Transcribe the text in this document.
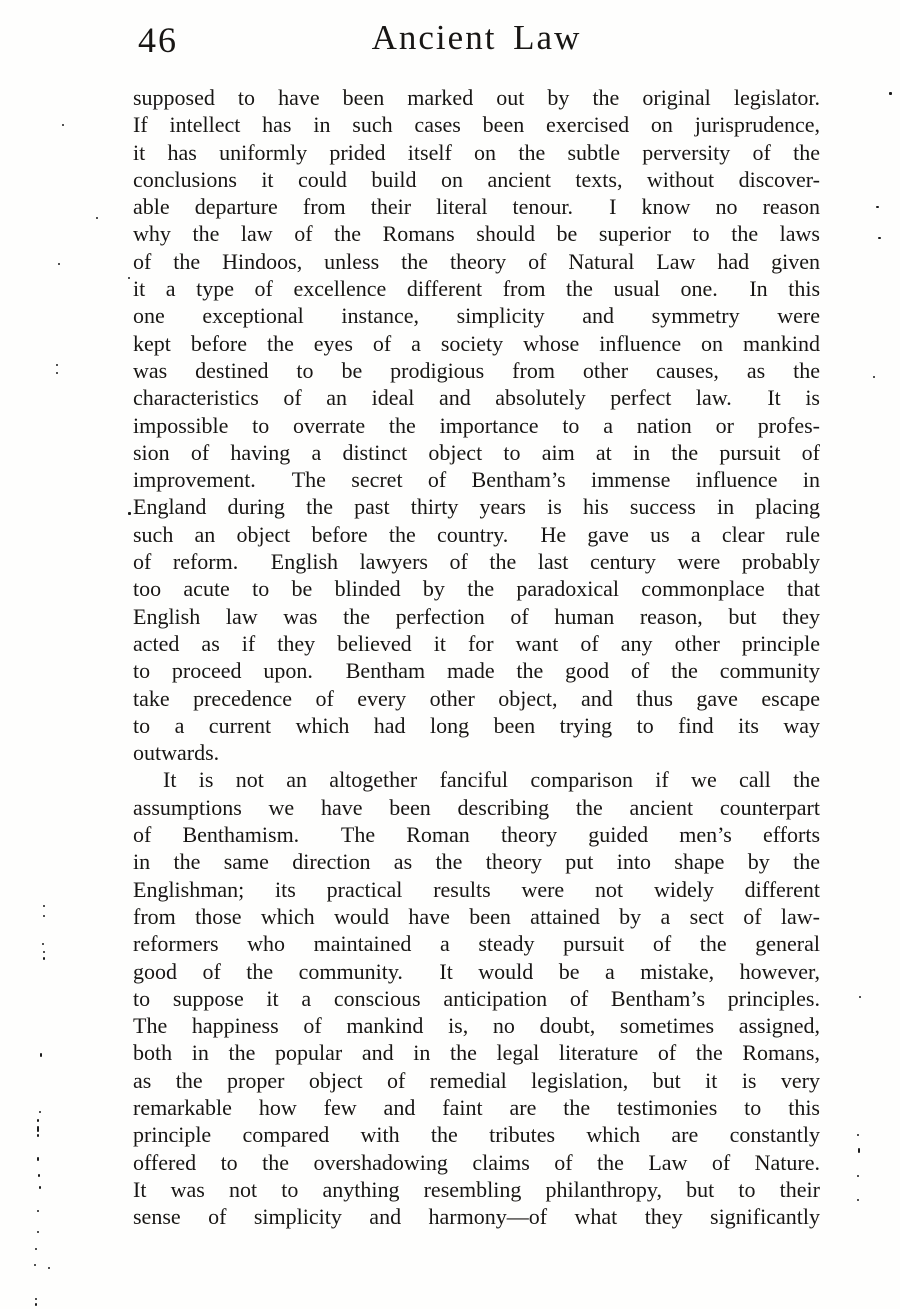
46	Ancient Law
supposed to have been marked out by the original legislator.
If intellect has in such cases been exercised on jurisprudence,
it has uniformly prided itself on the subtle perversity of the
conclusions it could build on ancient texts, without discover-
able departure from their literal tenour.  I know no reason
why the law of the Romans should be superior to the laws
of the Hindoos, unless the theory of Natural Law had given
it a type of excellence different from the usual one.  In this
one exceptional instance, simplicity and symmetry were
kept before the eyes of a society whose influence on mankind
was destined to be prodigious from other causes, as the
characteristics of an ideal and absolutely perfect law.  It is
impossible to overrate the importance to a nation or profes-
sion of having a distinct object to aim at in the pursuit of
improvement.  The secret of Bentham’s immense influence in
England during the past thirty years is his success in placing
such an object before the country.  He gave us a clear rule
of reform.  English lawyers of the last century were probably
too acute to be blinded by the paradoxical commonplace that
English law was the perfection of human reason, but they
acted as if they believed it for want of any other principle
to proceed upon.  Bentham made the good of the community
take precedence of every other object, and thus gave escape
to a current which had long been trying to find its way
outwards.
It is not an altogether fanciful comparison if we call the
assumptions we have been describing the ancient counterpart
of Benthamism.  The Roman theory guided men’s efforts
in the same direction as the theory put into shape by the
Englishman; its practical results were not widely different
from those which would have been attained by a sect of law-
reformers who maintained a steady pursuit of the general
good of the community.  It would be a mistake, however,
to suppose it a conscious anticipation of Bentham’s principles.
The happiness of mankind is, no doubt, sometimes assigned,
both in the popular and in the legal literature of the Romans,
as the proper object of remedial legislation, but it is very
remarkable how few and faint are the testimonies to this
principle compared with the tributes which are constantly
offered to the overshadowing claims of the Law of Nature.
It was not to anything resembling philanthropy, but to their
sense of simplicity and harmony—of what they significantly
